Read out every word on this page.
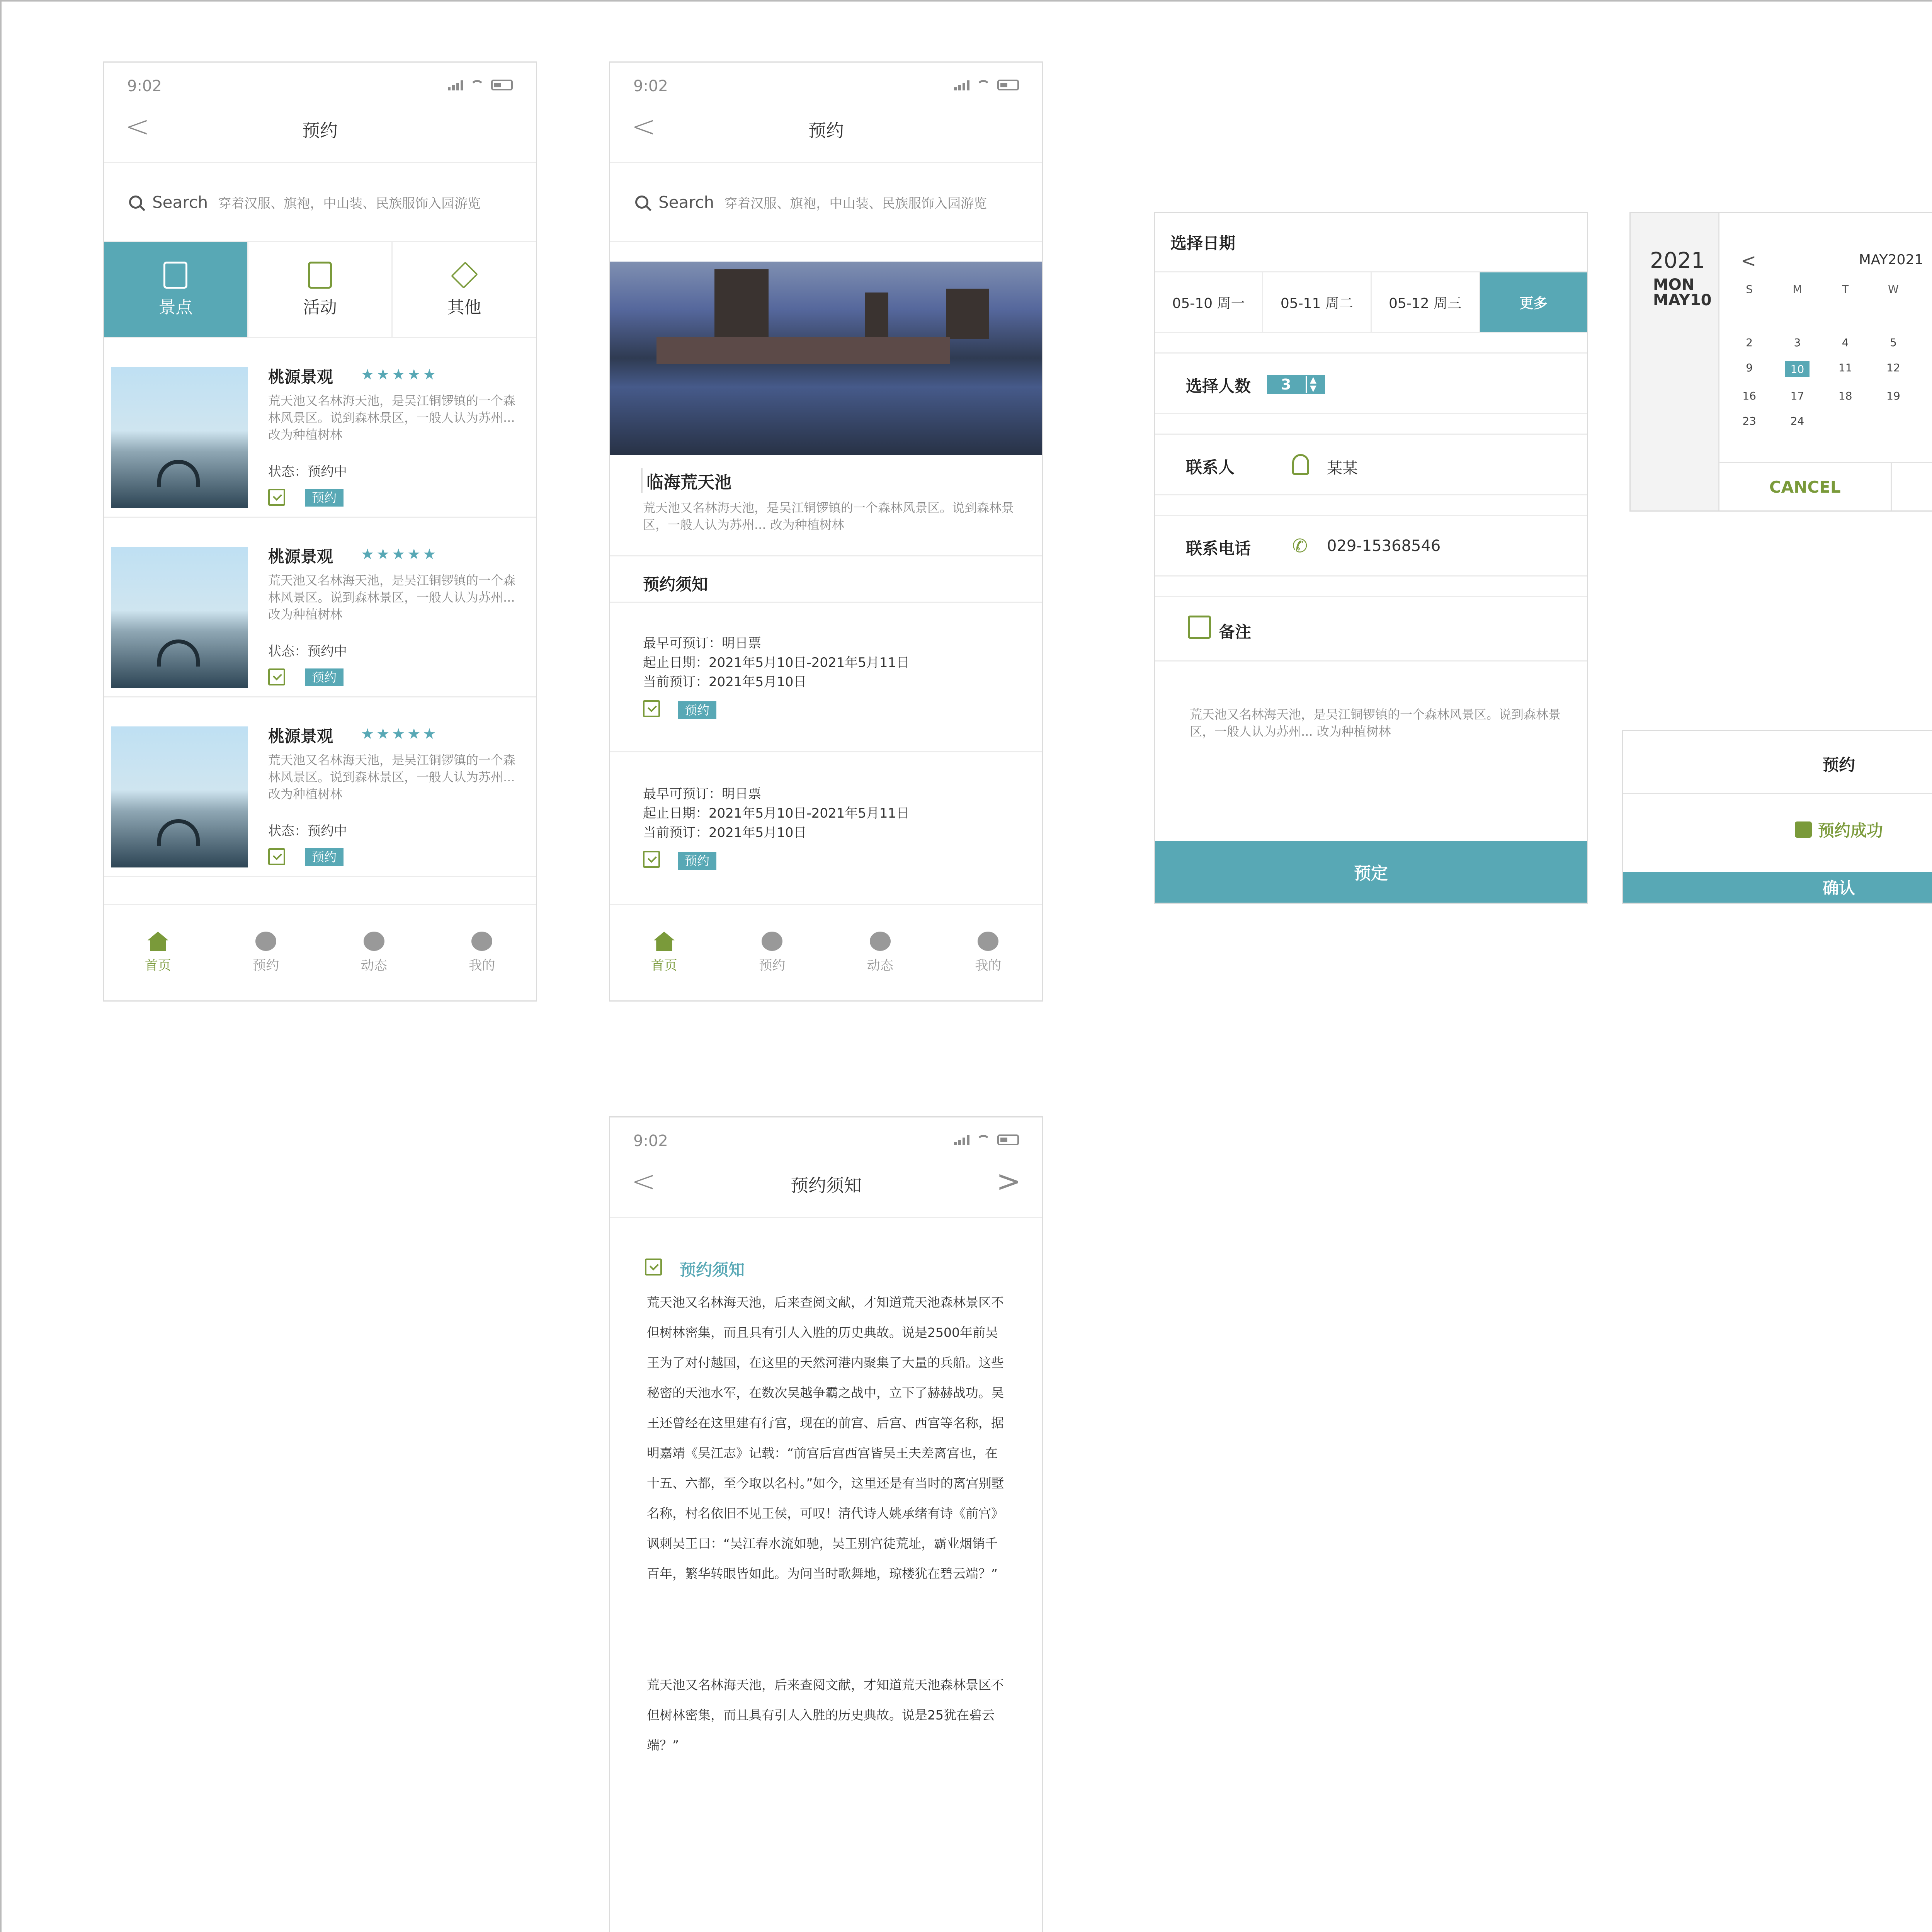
9:02
<	预约
Search 穿着汉服、旗袍，中山装、民族服饰入园游览
景点	活动	其他
桃源景观 ★★★★★
荒天池又名林海天池，是吴江铜锣镇的一个森林风景区。说到森林景区，一般人认为苏州... 改为种植树林
状态：预约中
预约
桃源景观 ★★★★★
荒天池又名林海天池，是吴江铜锣镇的一个森林风景区。说到森林景区，一般人认为苏州... 改为种植树林
状态：预约中
预约
桃源景观 ★★★★★
荒天池又名林海天池，是吴江铜锣镇的一个森林风景区。说到森林景区，一般人认为苏州... 改为种植树林
状态：预约中
预约
首页	预约	动态	我的
9:02
<	预约
Search 穿着汉服、旗袍，中山装、民族服饰入园游览
临海荒天池
荒天池又名林海天池，是吴江铜锣镇的一个森林风景区。说到森林景区，一般人认为苏州... 改为种植树林
预约须知
最早可预订：明日票
起止日期：2021年5月10日-2021年5月11日
当前预订：2021年5月10日
预约
最早可预订：明日票
起止日期：2021年5月10日-2021年5月11日
当前预订：2021年5月10日
预约
首页	预约	动态	我的
选择日期
05-10 周一	05-11 周二	05-12 周三	更多
选择人数	3	▲
▼
联系人	某某
联系电话 ✆ 029-15368546
备注
荒天池又名林海天池，是吴江铜锣镇的一个森林风景区。说到森林景区，一般人认为苏州... 改为种植树林
预定
2021
MON
MAY10
<	MAY2021
S	M	T	W
2	3	4	5
9	10	11	12
16	17	18	19
23	24
CANCEL
预约
预约成功
确认
9:02
<	预约须知	>
预约须知
荒天池又名林海天池，后来查阅文献，才知道荒天池森林景区不但树林密集，而且具有引人入胜的历史典故。说是2500年前吴王为了对付越国，在这里的天然河港内聚集了大量的兵船。这些秘密的天池水军，在数次吴越争霸之战中，立下了赫赫战功。吴王还曾经在这里建有行宫，现在的前宫、后宫、西宫等名称，据明嘉靖《吴江志》记载：“前宫后宫西宫皆吴王夫差离宫也，在十五、六都，至今取以名村。”如今，这里还是有当时的离宫别墅名称，村名依旧不见王侯，可叹！清代诗人姚承绪有诗《前宫》讽刺吴王曰：“吴江春水流如驰，吴王别宫徒荒址，霸业烟销千百年，繁华转眼皆如此。为问当时歌舞地，琼楼犹在碧云端？”
荒天池又名林海天池，后来查阅文献，才知道荒天池森林景区不但树林密集，而且具有引人入胜的历史典故。说是25犹在碧云端？”
